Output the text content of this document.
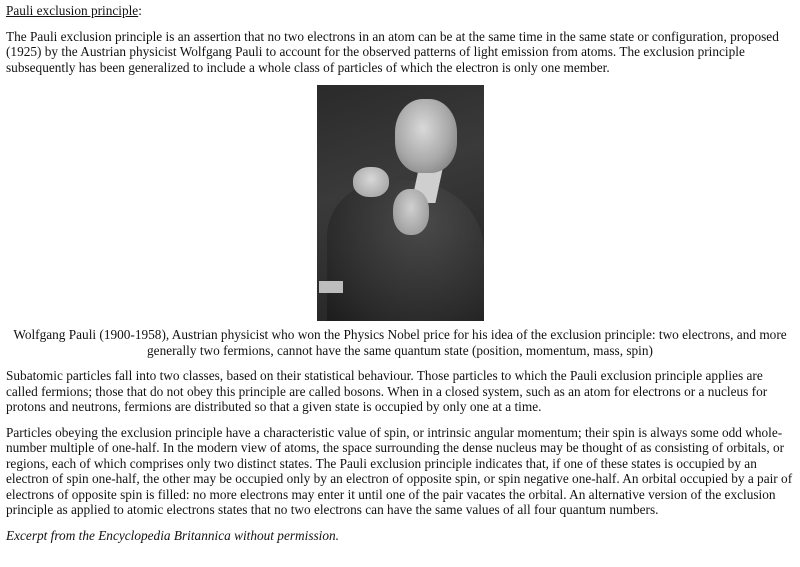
Pauli exclusion principle:

The Pauli exclusion principle is an assertion that no two electrons in an atom can be at the same time in the same state or configuration, proposed (1925) by the Austrian physicist Wolfgang Pauli to account for the observed patterns of light emission from atoms. The exclusion principle subsequently has been generalized to include a whole class of particles of which the electron is only one member.

Wolfgang Pauli (1900-1958), Austrian physicist who won the Physics Nobel price for his idea of the exclusion principle: two electrons, and more generally two fermions, cannot have the same quantum state (position, momentum, mass, spin)

Subatomic particles fall into two classes, based on their statistical behaviour. Those particles to which the Pauli exclusion principle applies are called fermions; those that do not obey this principle are called bosons. When in a closed system, such as an atom for electrons or a nucleus for protons and neutrons, fermions are distributed so that a given state is occupied by only one at a time.

Particles obeying the exclusion principle have a characteristic value of spin, or intrinsic angular momentum; their spin is always some odd whole-number multiple of one-half. In the modern view of atoms, the space surrounding the dense nucleus may be thought of as consisting of orbitals, or regions, each of which comprises only two distinct states. The Pauli exclusion principle indicates that, if one of these states is occupied by an electron of spin one-half, the other may be occupied only by an electron of opposite spin, or spin negative one-half. An orbital occupied by a pair of electrons of opposite spin is filled: no more electrons may enter it until one of the pair vacates the orbital. An alternative version of the exclusion principle as applied to atomic electrons states that no two electrons can have the same values of all four quantum numbers.

Excerpt from the Encyclopedia Britannica without permission.
